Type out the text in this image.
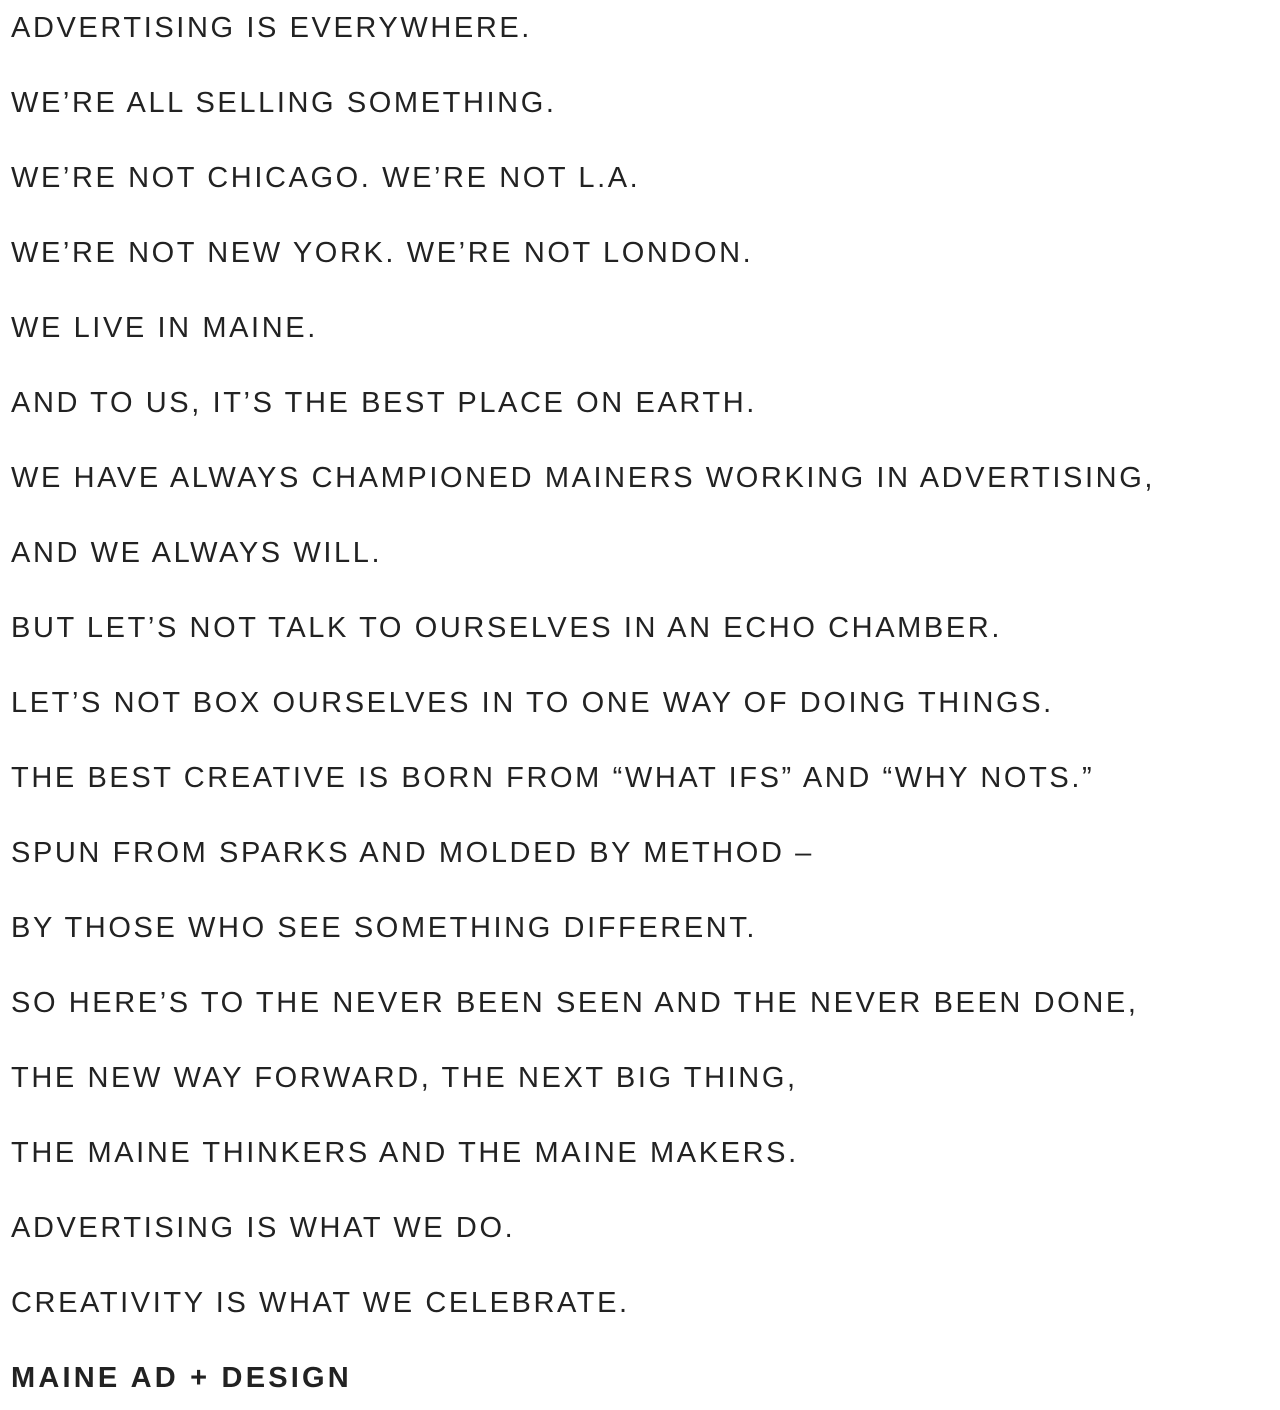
ADVERTISING IS EVERYWHERE.
WE’RE ALL SELLING SOMETHING.
WE’RE NOT CHICAGO. WE’RE NOT L.A.
WE’RE NOT NEW YORK. WE’RE NOT LONDON.
WE LIVE IN MAINE.
AND TO US, IT’S THE BEST PLACE ON EARTH.
WE HAVE ALWAYS CHAMPIONED MAINERS WORKING IN ADVERTISING,
AND WE ALWAYS WILL.
BUT LET’S NOT TALK TO OURSELVES IN AN ECHO CHAMBER.
LET’S NOT BOX OURSELVES IN TO ONE WAY OF DOING THINGS.
THE BEST CREATIVE IS BORN FROM “WHAT IFS” AND “WHY NOTS.”
SPUN FROM SPARKS AND MOLDED BY METHOD –
BY THOSE WHO SEE SOMETHING DIFFERENT.
SO HERE’S TO THE NEVER BEEN SEEN AND THE NEVER BEEN DONE,
THE NEW WAY FORWARD, THE NEXT BIG THING,
THE MAINE THINKERS AND THE MAINE MAKERS.
ADVERTISING IS WHAT WE DO.
CREATIVITY IS WHAT WE CELEBRATE.
MAINE AD + DESIGN
